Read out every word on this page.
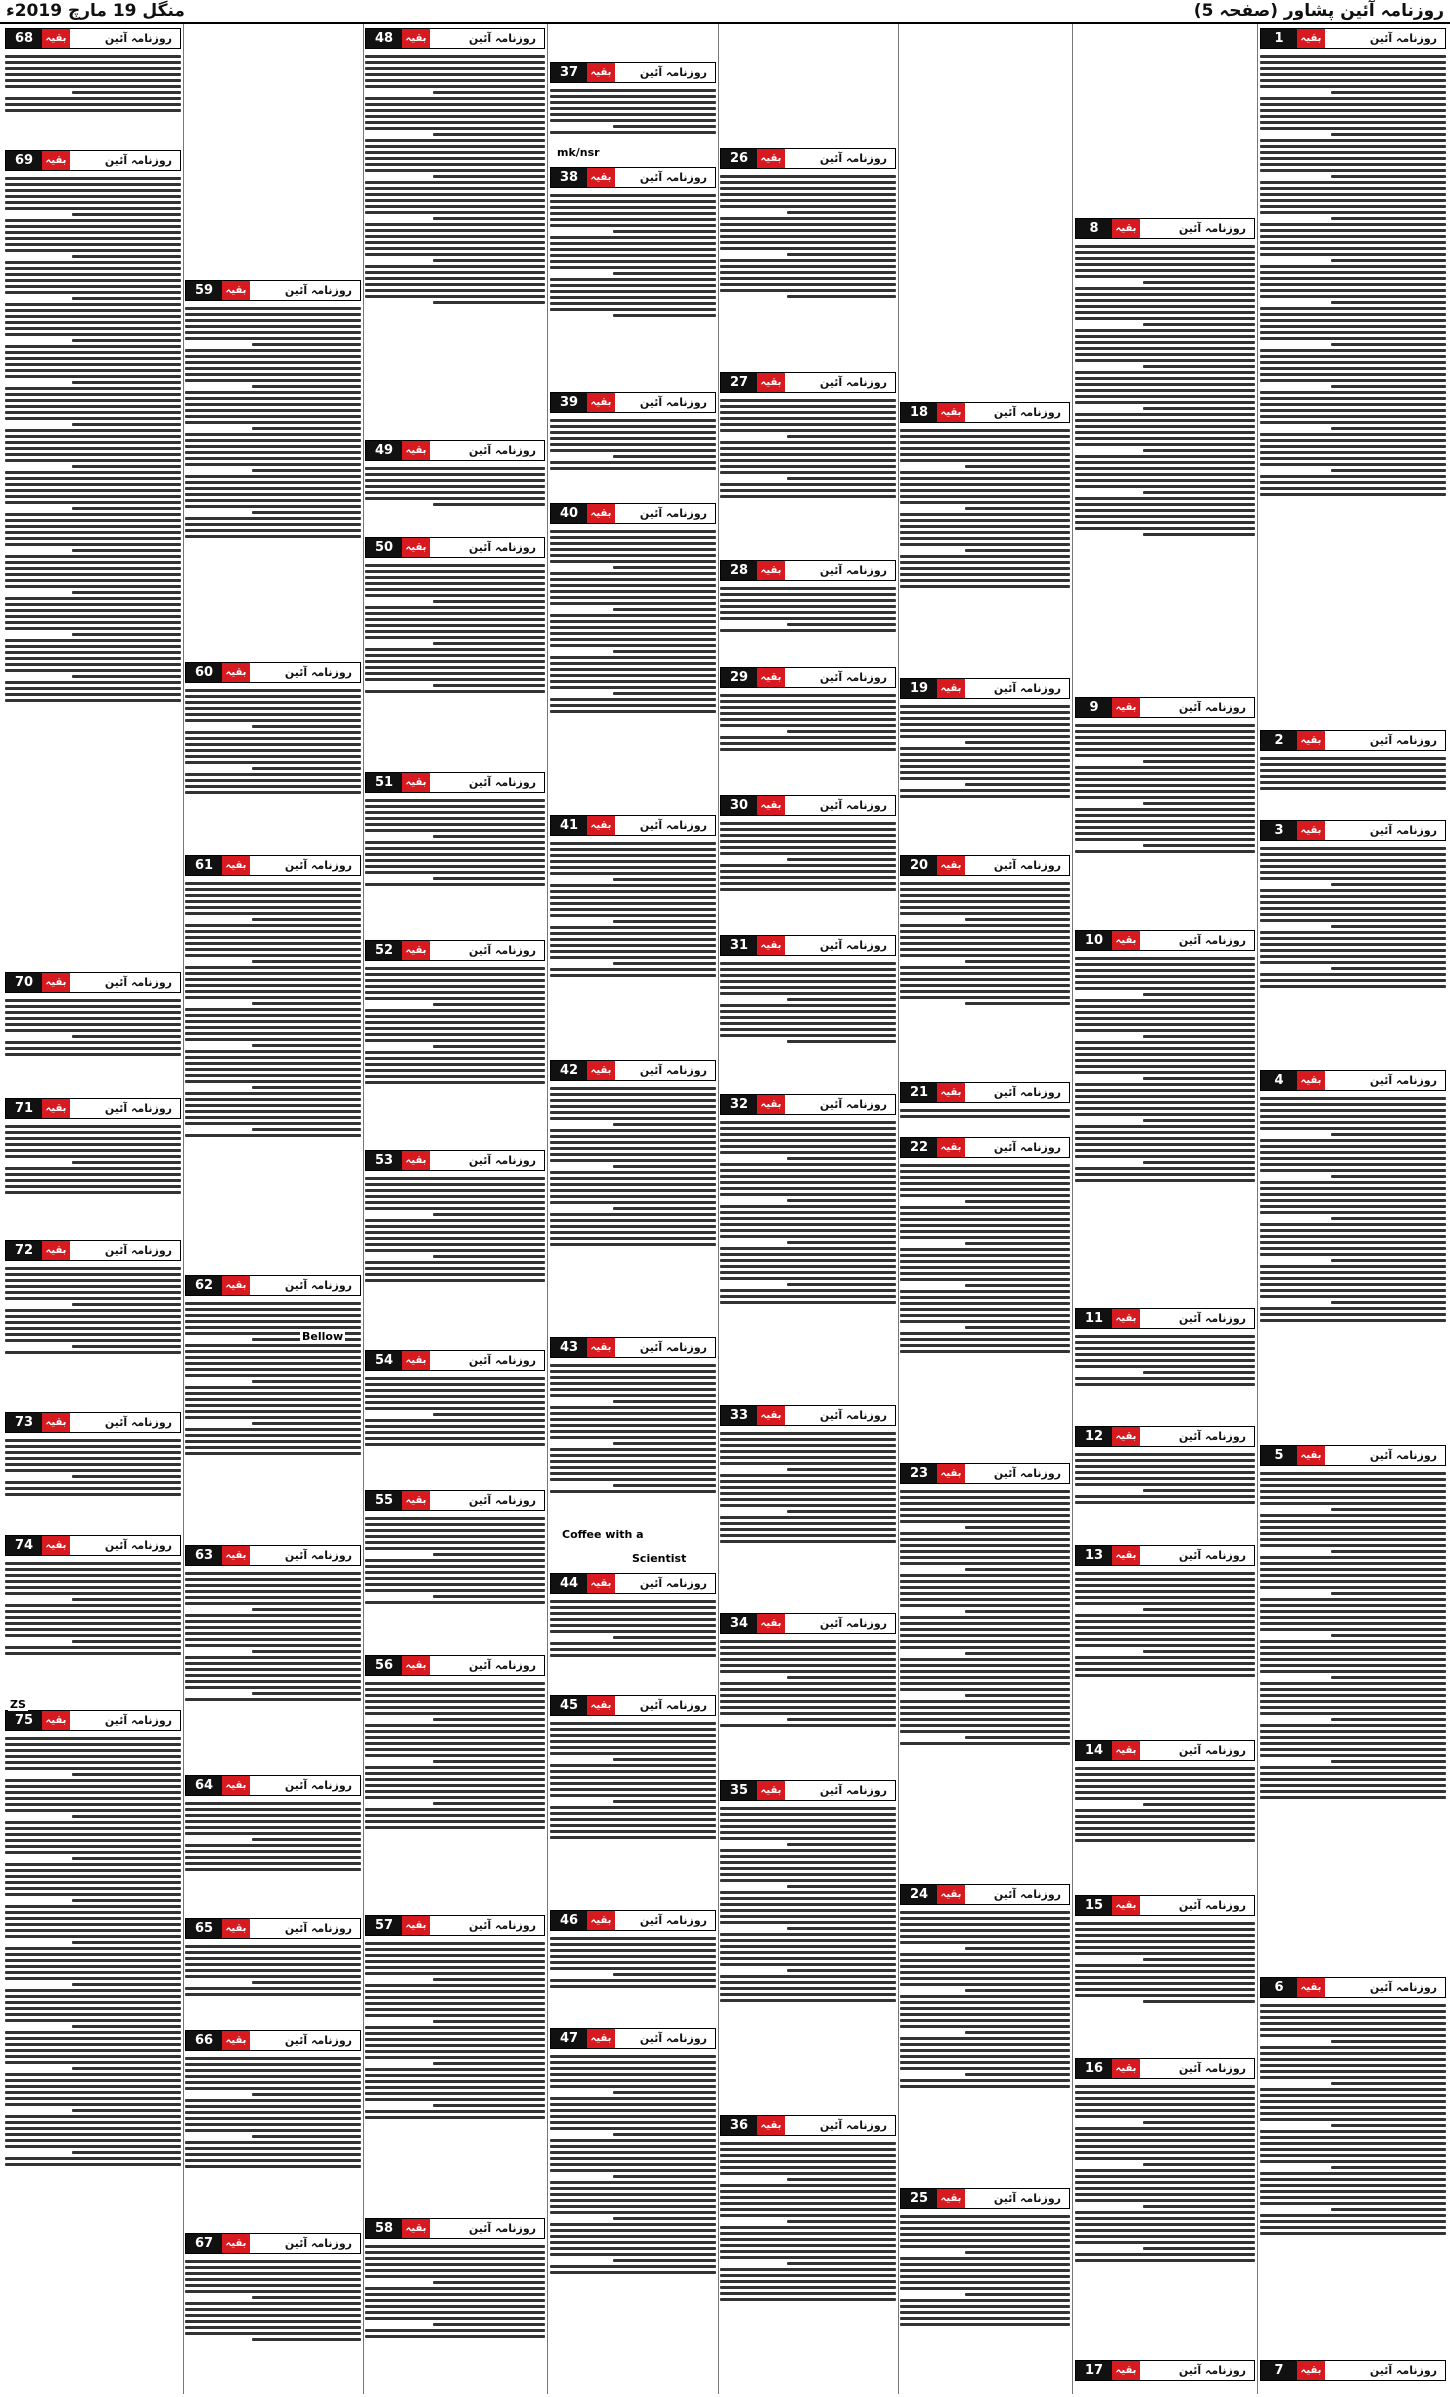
منگل 19 مارچ 2019ء	روزنامہ آئین پشاور (صفحہ 5)
1	بقیہ	روزنامہ آئین
2	بقیہ	روزنامہ آئین
3	بقیہ	روزنامہ آئین
4	بقیہ	روزنامہ آئین
5	بقیہ	روزنامہ آئین
6	بقیہ	روزنامہ آئین
7	بقیہ	روزنامہ آئین
8	بقیہ	روزنامہ آئین
9	بقیہ	روزنامہ آئین
10	بقیہ	روزنامہ آئین
11	بقیہ	روزنامہ آئین
12	بقیہ	روزنامہ آئین
13	بقیہ	روزنامہ آئین
14	بقیہ	روزنامہ آئین
15	بقیہ	روزنامہ آئین
16	بقیہ	روزنامہ آئین
17	بقیہ	روزنامہ آئین
18	بقیہ	روزنامہ آئین
19	بقیہ	روزنامہ آئین
20	بقیہ	روزنامہ آئین
21	بقیہ	روزنامہ آئین
22	بقیہ	روزنامہ آئین
23	بقیہ	روزنامہ آئین
24	بقیہ	روزنامہ آئین
25	بقیہ	روزنامہ آئین
26	بقیہ	روزنامہ آئین
27	بقیہ	روزنامہ آئین
28	بقیہ	روزنامہ آئین
29	بقیہ	روزنامہ آئین
30	بقیہ	روزنامہ آئین
31	بقیہ	روزنامہ آئین
32	بقیہ	روزنامہ آئین
33	بقیہ	روزنامہ آئین
34	بقیہ	روزنامہ آئین
35	بقیہ	روزنامہ آئین
36	بقیہ	روزنامہ آئین
37	بقیہ	روزنامہ آئین
38	بقیہ	روزنامہ آئین
39	بقیہ	روزنامہ آئین
40	بقیہ	روزنامہ آئین
41	بقیہ	روزنامہ آئین
42	بقیہ	روزنامہ آئین
43	بقیہ	روزنامہ آئین
44	بقیہ	روزنامہ آئین
45	بقیہ	روزنامہ آئین
46	بقیہ	روزنامہ آئین
47	بقیہ	روزنامہ آئین
48	بقیہ	روزنامہ آئین
49	بقیہ	روزنامہ آئین
50	بقیہ	روزنامہ آئین
51	بقیہ	روزنامہ آئین
52	بقیہ	روزنامہ آئین
53	بقیہ	روزنامہ آئین
54	بقیہ	روزنامہ آئین
55	بقیہ	روزنامہ آئین
56	بقیہ	روزنامہ آئین
57	بقیہ	روزنامہ آئین
58	بقیہ	روزنامہ آئین
59	بقیہ	روزنامہ آئین
60	بقیہ	روزنامہ آئین
61	بقیہ	روزنامہ آئین
62	بقیہ	روزنامہ آئین
63	بقیہ	روزنامہ آئین
64	بقیہ	روزنامہ آئین
65	بقیہ	روزنامہ آئین
66	بقیہ	روزنامہ آئین
67	بقیہ	روزنامہ آئین
68	بقیہ	روزنامہ آئین
69	بقیہ	روزنامہ آئین
70	بقیہ	روزنامہ آئین
71	بقیہ	روزنامہ آئین
72	بقیہ	روزنامہ آئین
73	بقیہ	روزنامہ آئین
74	بقیہ	روزنامہ آئین
75	بقیہ	روزنامہ آئین
Coffee with a
Scientist
mk/nsr
Bellow
ZS
